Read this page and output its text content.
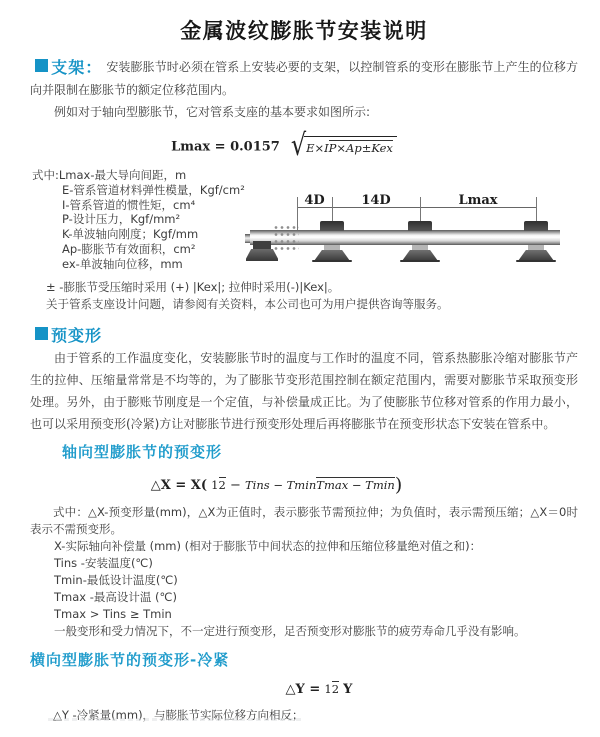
金属波纹膨胀节安装说明

支架： 安装膨胀节时必须在管系上安装必要的支架，以控制管系的变形在膨胀节上产生的位移方向并限制在膨胀节的额定位移范围内。

例如对于轴向型膨胀节，它对管系支座的基本要求如图所示:

Lmax = 0.0157 √E×IP×Ap±Kex
式中:Lmax-最大导向间距，m
E-管系管道材料弹性模量，Kgf/cm²
I-管系管道的惯性矩，cm⁴
P-设计压力，Kgf/mm²
K-单波轴向刚度；Kgf/mm
Ap-膨胀节有效面积，cm²
ex-单波轴向位移，mm
± -膨胀节受压缩时采用 (+) |Kex|; 拉伸时采用(-)|Kex|。
关于管系支座设计问题，请参阅有关资料，本公司也可为用户提供咨询等服务。

预变形

由于管系的工作温度变化，安装膨胀节时的温度与工作时的温度不同，管系热膨胀冷缩对膨胀节产生的拉伸、压缩量常常是不均等的，为了膨胀节变形范围控制在额定范围内，需要对膨胀节采取预变形处理。另外，由于膨账节刚度是一个定值，与补偿量成正比。为了使膨胀节位移对管系的作用力最小，也可以采用预变形(冷紧)方让对膨胀节进行预变形处理后再将膨胀节在预变形状态下安装在管系中。

轴向型膨胀节的预变形
△X = X( 12 − Tins − TminTmax − Tmin)

式中：△X-预变形量(mm)，△X为正值时，表示膨张节需预拉伸；为负值时，表示需预压缩；△X＝0时表示不需预变形。

X-实际轴向补偿量 (mm) (相对于膨胀节中间状态的拉伸和压缩位移量绝对值之和)：
Tins -安装温度(℃)
Tmin-最低设计温度(℃)
Tmax -最高设计温 (℃)
Tmax > Tins ≥ Tmin
一般变形和受力情况下，不一定进行预变形，足否预变形对膨胀节的疲劳寿命几乎没有影响。
横向型膨胀节的预变形-冷紧
△Y = 12 Y

△Y -冷紧量(mm)，与膨胀节实际位移方向相反；

4D	14D	Lmax
